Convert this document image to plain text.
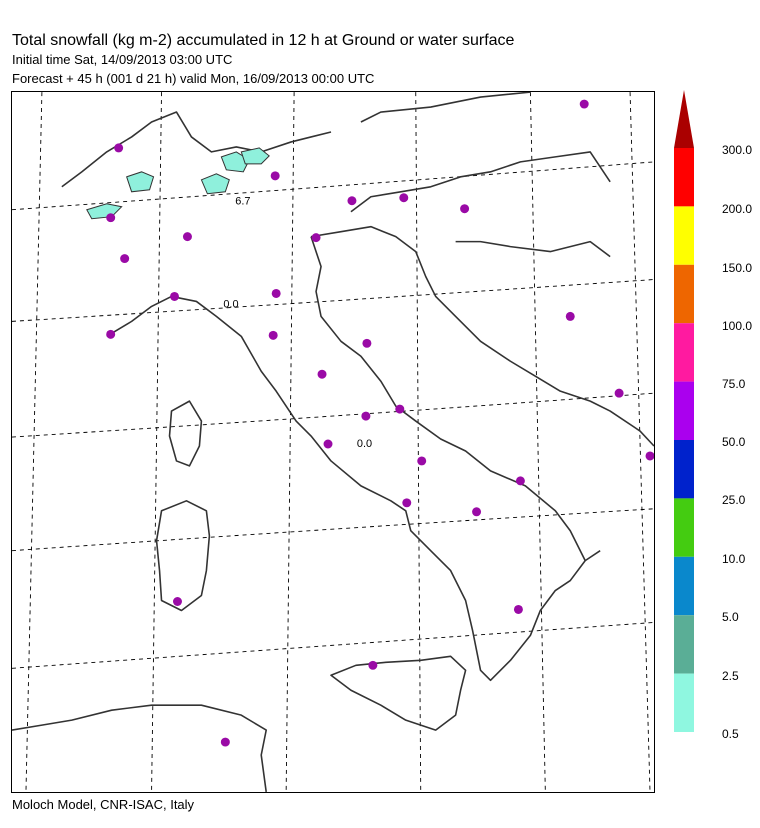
Total snowfall (kg m-2) accumulated in 12 h at Ground or water surface
Initial time Sat, 14/09/2013 03:00 UTC
Forecast + 45 h (001 d 21 h) valid Mon, 16/09/2013 00:00 UTC
6.7
0.0
0.0
300.0
200.0
150.0
100.0
75.0
50.0
25.0
10.0
5.0
2.5
0.5
Moloch Model, CNR-ISAC, Italy
